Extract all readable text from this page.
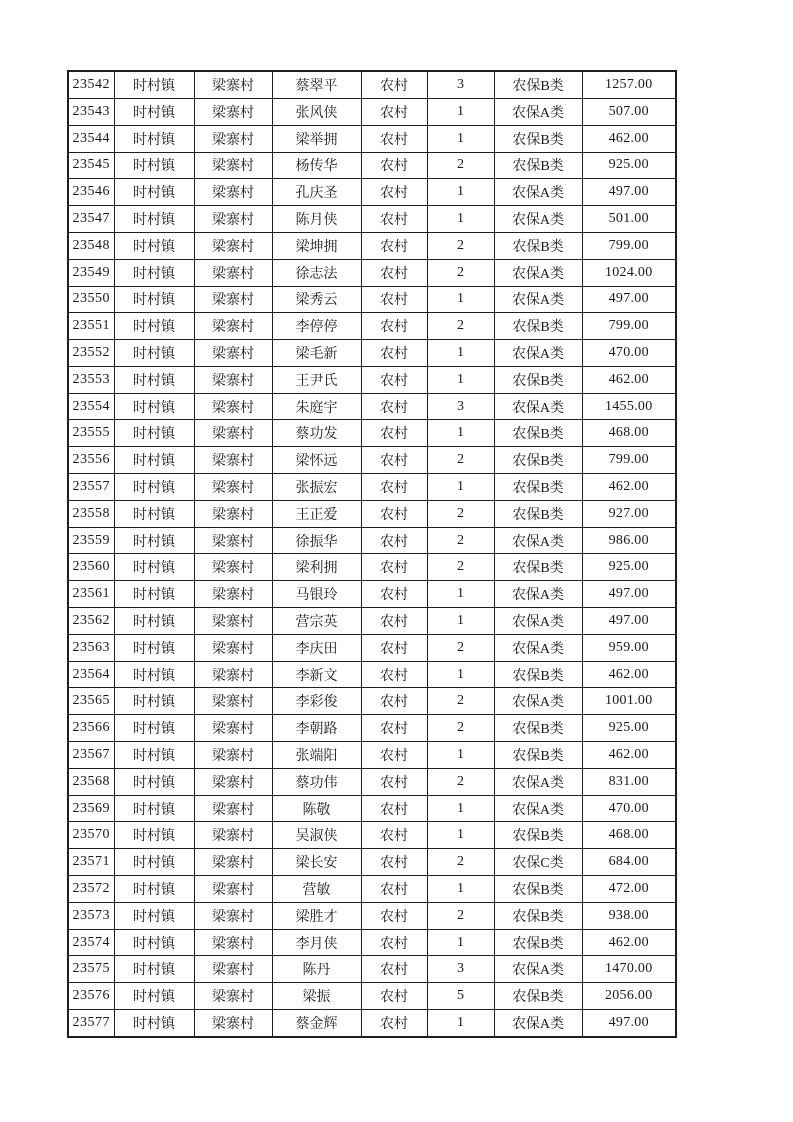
23542	时村镇	梁寨村	蔡翠平	农村	3	农保B类	1257.00
23543	时村镇	梁寨村	张风侠	农村	1	农保A类	507.00
23544	时村镇	梁寨村	梁举拥	农村	1	农保B类	462.00
23545	时村镇	梁寨村	杨传华	农村	2	农保B类	925.00
23546	时村镇	梁寨村	孔庆圣	农村	1	农保A类	497.00
23547	时村镇	梁寨村	陈月侠	农村	1	农保A类	501.00
23548	时村镇	梁寨村	梁坤拥	农村	2	农保B类	799.00
23549	时村镇	梁寨村	徐志法	农村	2	农保A类	1024.00
23550	时村镇	梁寨村	梁秀云	农村	1	农保A类	497.00
23551	时村镇	梁寨村	李停停	农村	2	农保B类	799.00
23552	时村镇	梁寨村	梁毛新	农村	1	农保A类	470.00
23553	时村镇	梁寨村	王尹氏	农村	1	农保B类	462.00
23554	时村镇	梁寨村	朱庭宇	农村	3	农保A类	1455.00
23555	时村镇	梁寨村	蔡功发	农村	1	农保B类	468.00
23556	时村镇	梁寨村	梁怀远	农村	2	农保B类	799.00
23557	时村镇	梁寨村	张振宏	农村	1	农保B类	462.00
23558	时村镇	梁寨村	王正爱	农村	2	农保B类	927.00
23559	时村镇	梁寨村	徐振华	农村	2	农保A类	986.00
23560	时村镇	梁寨村	梁利拥	农村	2	农保B类	925.00
23561	时村镇	梁寨村	马银玲	农村	1	农保A类	497.00
23562	时村镇	梁寨村	营宗英	农村	1	农保A类	497.00
23563	时村镇	梁寨村	李庆田	农村	2	农保A类	959.00
23564	时村镇	梁寨村	李新文	农村	1	农保B类	462.00
23565	时村镇	梁寨村	李彩俊	农村	2	农保A类	1001.00
23566	时村镇	梁寨村	李朝路	农村	2	农保B类	925.00
23567	时村镇	梁寨村	张端阳	农村	1	农保B类	462.00
23568	时村镇	梁寨村	蔡功伟	农村	2	农保A类	831.00
23569	时村镇	梁寨村	陈敬	农村	1	农保A类	470.00
23570	时村镇	梁寨村	吴淑侠	农村	1	农保B类	468.00
23571	时村镇	梁寨村	梁长安	农村	2	农保C类	684.00
23572	时村镇	梁寨村	营敏	农村	1	农保B类	472.00
23573	时村镇	梁寨村	梁胜才	农村	2	农保B类	938.00
23574	时村镇	梁寨村	李月侠	农村	1	农保B类	462.00
23575	时村镇	梁寨村	陈丹	农村	3	农保A类	1470.00
23576	时村镇	梁寨村	梁振	农村	5	农保B类	2056.00
23577	时村镇	梁寨村	蔡金辉	农村	1	农保A类	497.00
